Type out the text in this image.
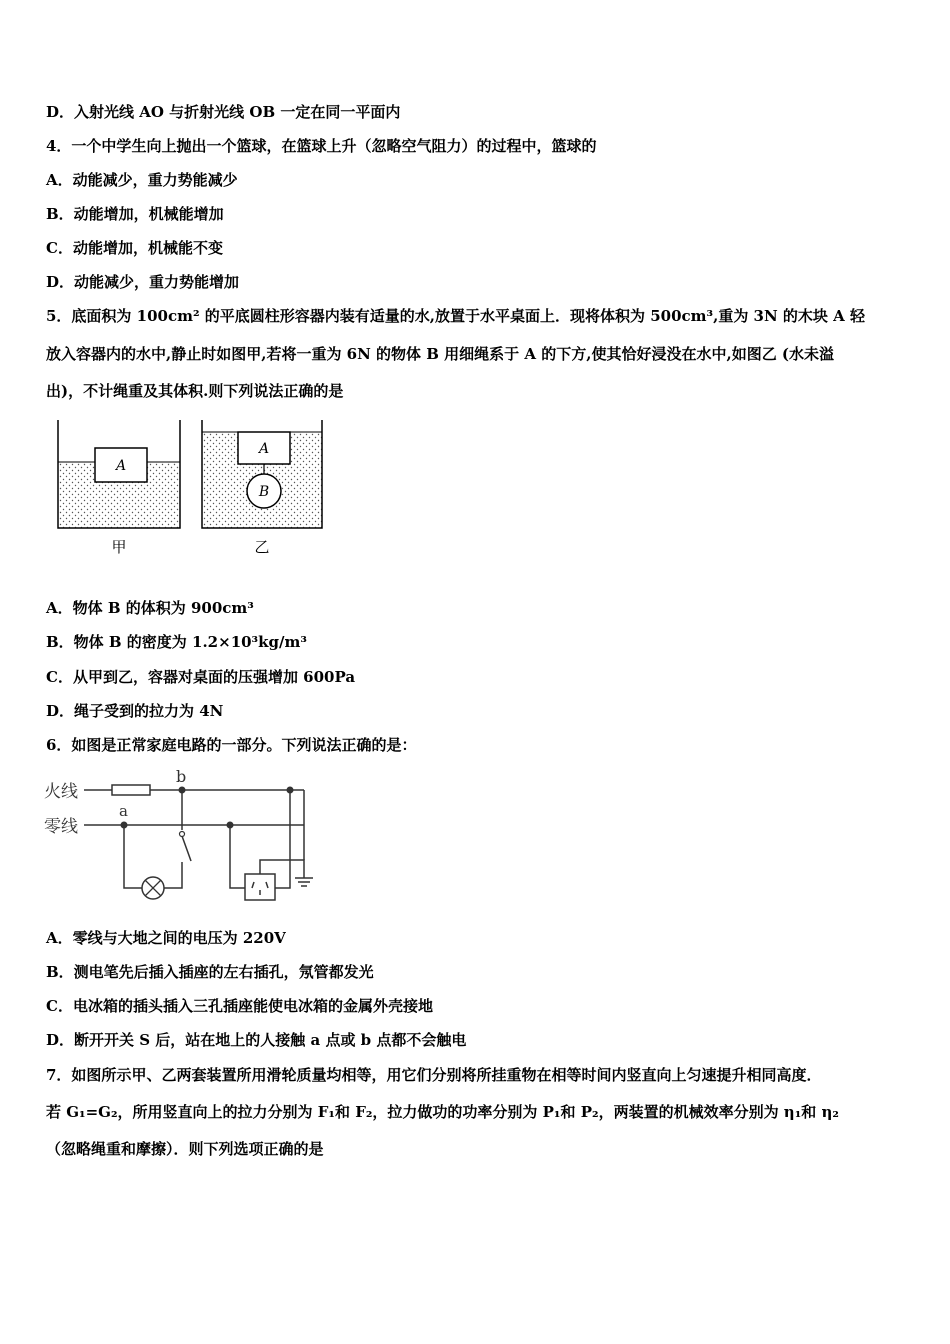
D．入射光线 AO 与折射光线 OB 一定在同一平面内
4．一个中学生向上抛出一个篮球，在篮球上升（忽略空气阻力）的过程中，篮球的
A．动能减少，重力势能减少
B．动能增加，机械能增加
C．动能增加，机械能不变
D．动能减少，重力势能增加
5．底面积为 100cm² 的平底圆柱形容器内装有适量的水,放置于水平桌面上．现将体积为 500cm³,重为 3N 的木块 A 轻
放入容器内的水中,静止时如图甲,若将一重为 6N 的物体 B 用细绳系于 A 的下方,使其恰好浸没在水中,如图乙 (水未溢
出)，不计绳重及其体积.则下列说法正确的是
A
A
B
甲	乙
A．物体 B 的体积为 900cm³
B．物体 B 的密度为 1.2×10³kg/m³
C．从甲到乙，容器对桌面的压强增加 600Pa
D．绳子受到的拉力为 4N
6．如图是正常家庭电路的一部分。下列说法正确的是：
火线
零线
a
b
A．零线与大地之间的电压为 220V
B．测电笔先后插入插座的左右插孔，氖管都发光
C．电冰箱的插头插入三孔插座能使电冰箱的金属外壳接地
D．断开开关 S 后，站在地上的人接触 a 点或 b 点都不会触电
7．如图所示甲、乙两套装置所用滑轮质量均相等，用它们分别将所挂重物在相等时间内竖直向上匀速提升相同高度．
若 G₁=G₂，所用竖直向上的拉力分别为 F₁和 F₂，拉力做功的功率分别为 P₁和 P₂，两装置的机械效率分别为 η₁和 η₂
（忽略绳重和摩擦）．则下列选项正确的是
